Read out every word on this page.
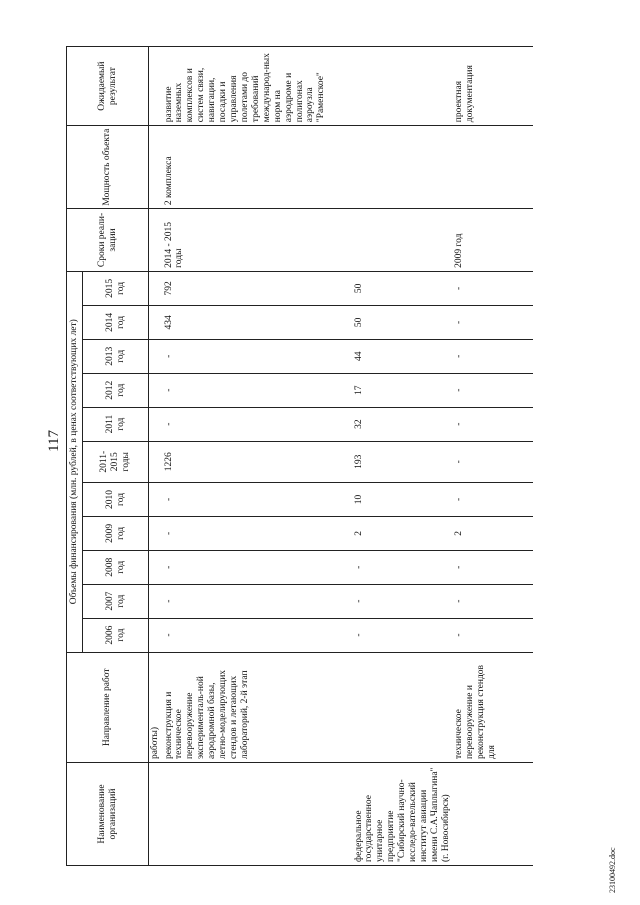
117
Наименование организаций	Направление работ	Объемы финансирования (млн. рублей, в ценах соответствующих лет)											Сроки реали-зации	Мощность объекта	Ожидаемый результат
		2006 год	2007 год	2008 год	2009 год	2010 год	2011-2015 годы	2011 год	2012 год	2013 год	2014 год	2015 год			
	работы)														
	реконструкция и техническое перевооружение эксперименталь-ной аэродромной базы, летно-моделирующих стендов и летающих лабораторий, 2-й этап	-	-	-	-	-	1226	-	-	-	434	792	2014 - 2015 годы	2 комплекса	развитие наземных комплексов и систем связи, навигации, посадки и управления полетами до требований международ-ных норм на аэродроме и полигонах аэроузла "Раменское"
федеральное государственное унитарное предприятие "Сибирский научно-исследо-вательский институт авиации имени С.А.Чаплыгина" (г. Новосибирск)		-	-	-	2	10	193	32	17	44	50	50			
	техническое перевооружение и реконструкция стендов для	-	-	-	2	-	-	-	-	-	-	-	2009 год		проектная документация
23100492.doc
